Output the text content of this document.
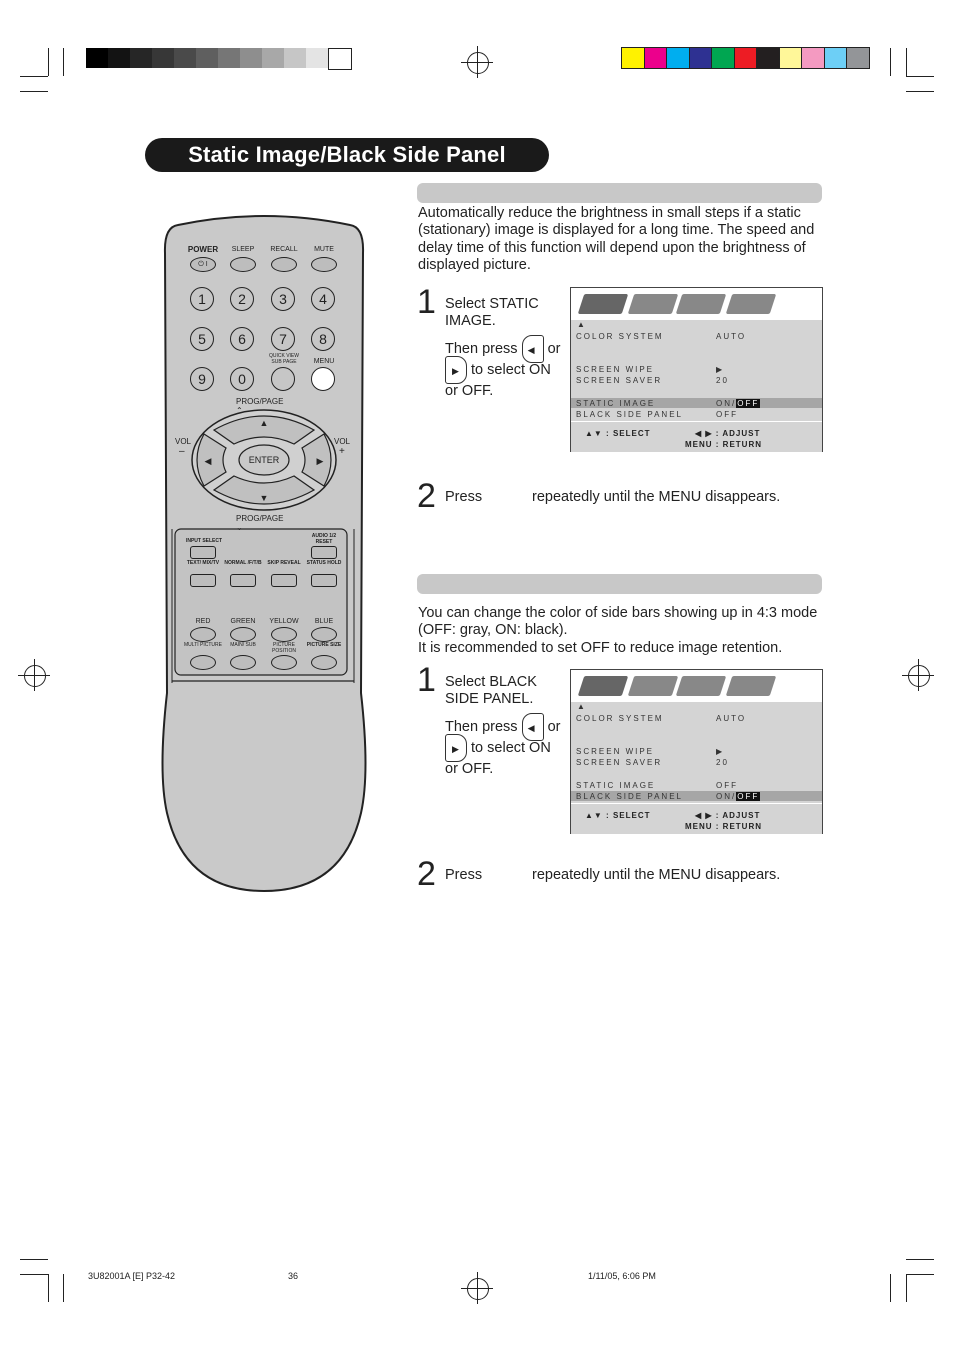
Static Image/Black Side Panel
Automatically reduce the brightness in small steps if a static (stationary) image is displayed for a long time. The speed and delay time of this function will depend upon the brightness of displayed picture.
1 Select STATIC
IMAGE.
Then press ◀ or
▶ to select ON
or OFF.
▲
COLOR SYSTEM	AUTO
SCREEN WIPE	▶
SCREEN SAVER	20
STATIC IMAGE	ON/OFF
BLACK SIDE PANEL	OFF
▲▼ : SELECT	◀ ▶ : ADJUST
MENU : RETURN
2 Press	repeatedly until the MENU disappears.
You can change the color of side bars showing up in 4:3 mode
(OFF: gray, ON: black).
It is recommended to set OFF to reduce image retention.
1 Select BLACK
SIDE PANEL.
Then press ◀ or
▶ to select ON
or OFF.
▲
COLOR SYSTEM	AUTO
SCREEN WIPE	▶
SCREEN SAVER	20
STATIC IMAGE	OFF
BLACK SIDE PANEL	ON/OFF
▲▼ : SELECT	◀ ▶ : ADJUST
MENU : RETURN
2 Press	repeatedly until the MENU disappears.
▲
▼
◀	▶
ENTER
POWER	SLEEP	RECALL	MUTE
⏻ I
1	2	3	4
5	6	7	8
9	0
QUICK VIEW SUB PAGE	MENU
PROG/PAGE ⌃
PROG/PAGE ⌄
VOL
–
VOL
+
INPUT SELECT
AUDIO 1/2 RESET
TEXT/ MIX/TV	NORMAL /F/T/B	SKIP REVEAL	STATUS HOLD
RED	GREEN	YELLOW	BLUE
MULTI PICTURE	MAIN/ SUB	PICTURE POSITION
PICTURE SIZE
3U82001A [E] P32-42	36	1/11/05, 6:06 PM
